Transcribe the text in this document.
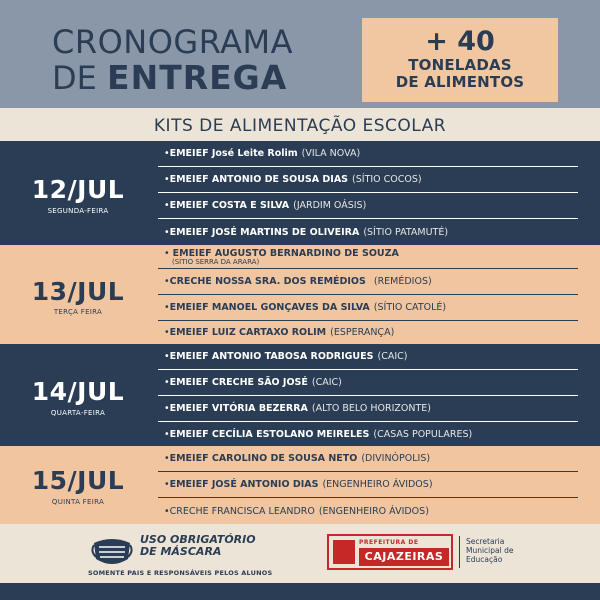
CRONOGRAMA
DE ENTREGA
+ 40
TONELADAS
DE ALIMENTOS
KITS DE ALIMENTAÇÃO ESCOLAR
12/JUL
SEGUNDA-FEIRA
• EMEIEF José Leite Rolim (VILA NOVA)
• EMEIEF ANTONIO DE SOUSA DIAS (SÍTIO COCOS)
• EMEIEF COSTA E SILVA (JARDIM OÁSIS)
• EMEIEF JOSÉ MARTINS DE OLIVEIRA (SÍTIO PATAMUTÉ)
13/JUL
TERÇA FEIRA
• EMEIEF AUGUSTO BERNARDINO DE SOUZA
(SÍTIO SERRA DA ARARA)
• CRECHE NOSSA SRA. DOS REMÉDIOS (REMÉDIOS)
• EMEIEF MANOEL GONÇAVES DA SILVA (SÍTIO CATOLÉ)
• EMEIEF LUIZ CARTAXO ROLIM (ESPERANÇA)
14/JUL
QUARTA-FEIRA
• EMEIEF ANTONIO TABOSA RODRIGUES (CAIC)
• EMEIEF CRECHE SÃO JOSÉ (CAIC)
• EMEIEF VITÓRIA BEZERRA (ALTO BELO HORIZONTE)
• EMEIEF CECÍLIA ESTOLANO MEIRELES (CASAS POPULARES)
15/JUL
QUINTA FEIRA
• EMEIEF CAROLINO DE SOUSA NETO (DIVINÓPOLIS)
• EMEIEF JOSÉ ANTONIO DIAS (ENGENHEIRO ÁVIDOS)
• CRECHE FRANCISCA LEANDRO (ENGENHEIRO ÁVIDOS)
USO OBRIGATÓRIO
DE MÁSCARA
SOMENTE PAIS E RESPONSÁVEIS PELOS ALUNOS
PREFEITURA DE
CAJAZEIRAS
Secretaria
Municipal de
Educação
